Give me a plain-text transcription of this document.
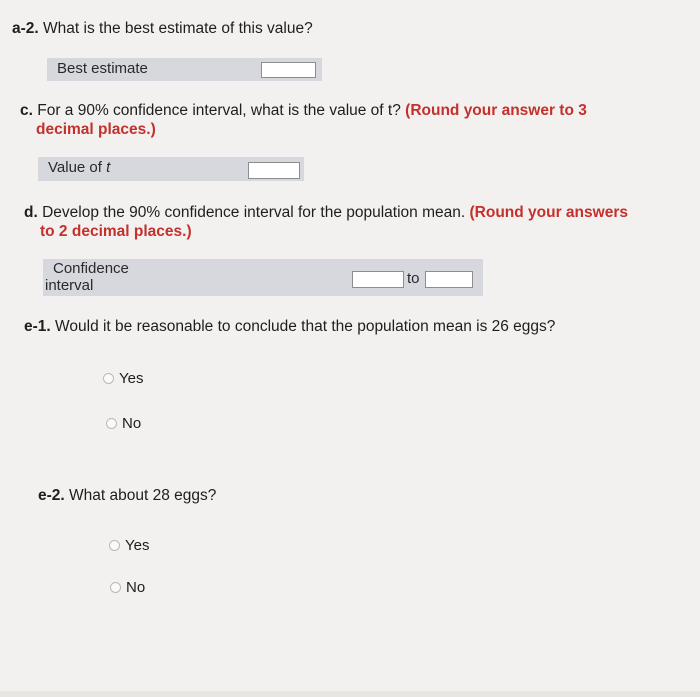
a-2. What is the best estimate of this value?
Best estimate
c. For a 90% confidence interval, what is the value of t? (Round your answer to 3
decimal places.)
Value of t
d. Develop the 90% confidence interval for the population mean. (Round your answers
to 2 decimal places.)
Confidence
interval	to
e-1. Would it be reasonable to conclude that the population mean is 26 eggs?
Yes
No
e-2. What about 28 eggs?
Yes
No
